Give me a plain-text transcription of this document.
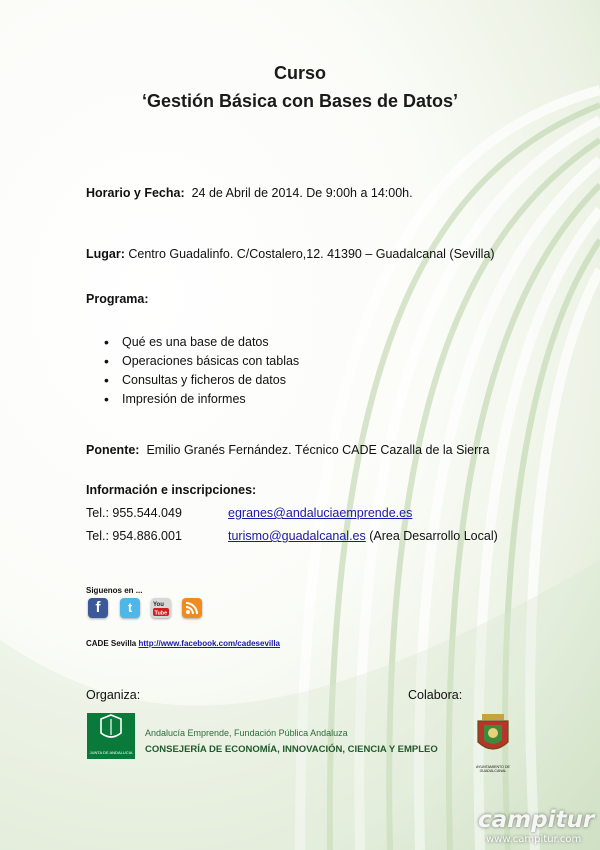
Curso
‘Gestión Básica con Bases de Datos’
Horario y Fecha: 24 de Abril de 2014. De 9:00h a 14:00h.
Lugar: Centro Guadalinfo. C/Costalero,12. 41390 – Guadalcanal (Sevilla)
Programa:
• Qué es una base de datos
• Operaciones básicas con tablas
• Consultas y ficheros de datos
• Impresión de informes
Ponente: Emilio Granés Fernández. Técnico CADE Cazalla de la Sierra
Información e inscripciones:
Tel.: 955.544.049	egranes@andaluciaemprende.es
Tel.: 954.886.001	turismo@guadalcanal.es (Area Desarrollo Local)
Siguenos en ...
f	t	You
Tube
CADE Sevilla http://www.facebook.com/cadesevilla
Organiza:	Colabora:
JUNTA DE ANDALUCIA
Andalucía Emprende, Fundación Pública Andaluza
CONSEJERÍA DE ECONOMÍA, INNOVACIÓN, CIENCIA Y EMPLEO
AYUNTAMIENTO DE GUADALCANAL
campitur
www.campitur.com
